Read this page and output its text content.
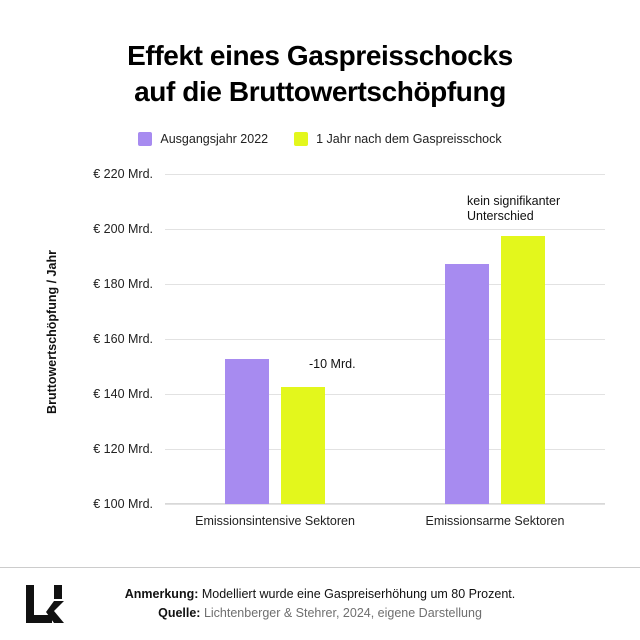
Effekt eines Gaspreisschocks
auf die Bruttowertschöpfung
Ausgangsjahr 2022	1 Jahr nach dem Gaspreisschock
Bruttowertschöpfung / Jahr
€ 100 Mrd.
€ 120 Mrd.
€ 140 Mrd.
€ 160 Mrd.
€ 180 Mrd.
€ 200 Mrd.
€ 220 Mrd.
Emissionsintensive Sektoren	Emissionsarme Sektoren
-10 Mrd.
kein signifikanter
Unterschied
Anmerkung: Modelliert wurde eine Gaspreiserhöhung um 80 Prozent.
Quelle: Lichtenberger & Stehrer, 2024, eigene Darstellung
